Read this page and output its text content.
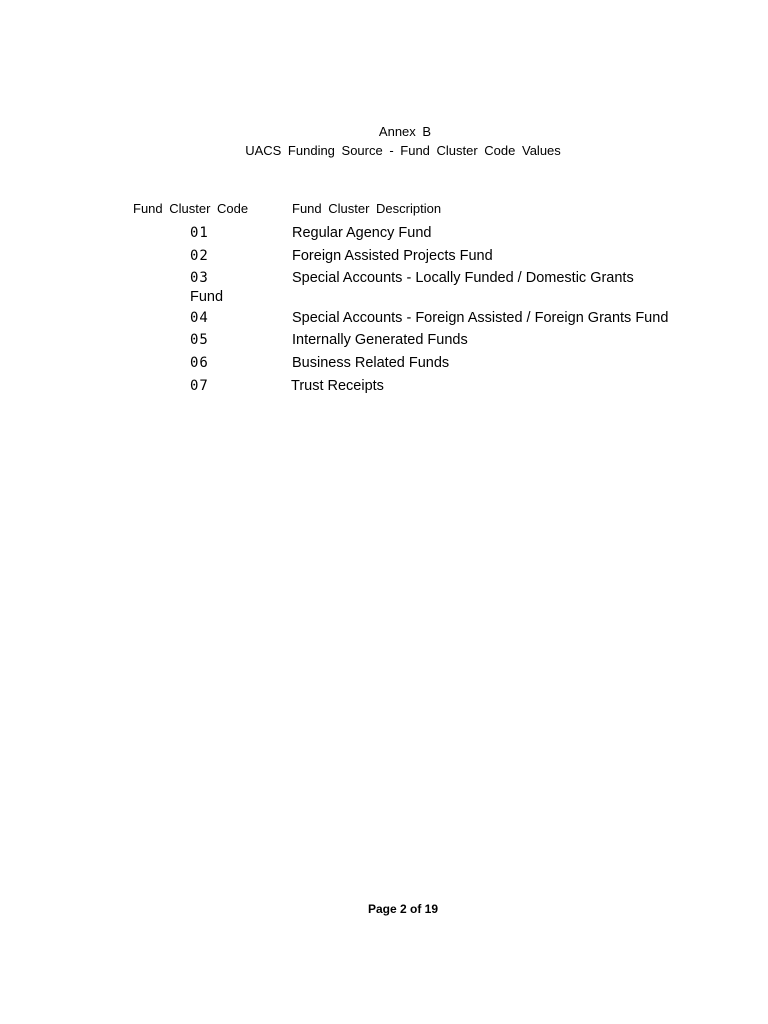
Annex B
UACS Funding Source - Fund Cluster Code Values
Fund Cluster Code	Fund Cluster Description
01	Regular Agency Fund
02	Foreign Assisted Projects Fund
03	Special Accounts - Locally Funded / Domestic Grants
Fund
04	Special Accounts - Foreign Assisted / Foreign Grants Fund
05	Internally Generated Funds
06	Business Related Funds
07	Trust Receipts
Page 2 of 19
